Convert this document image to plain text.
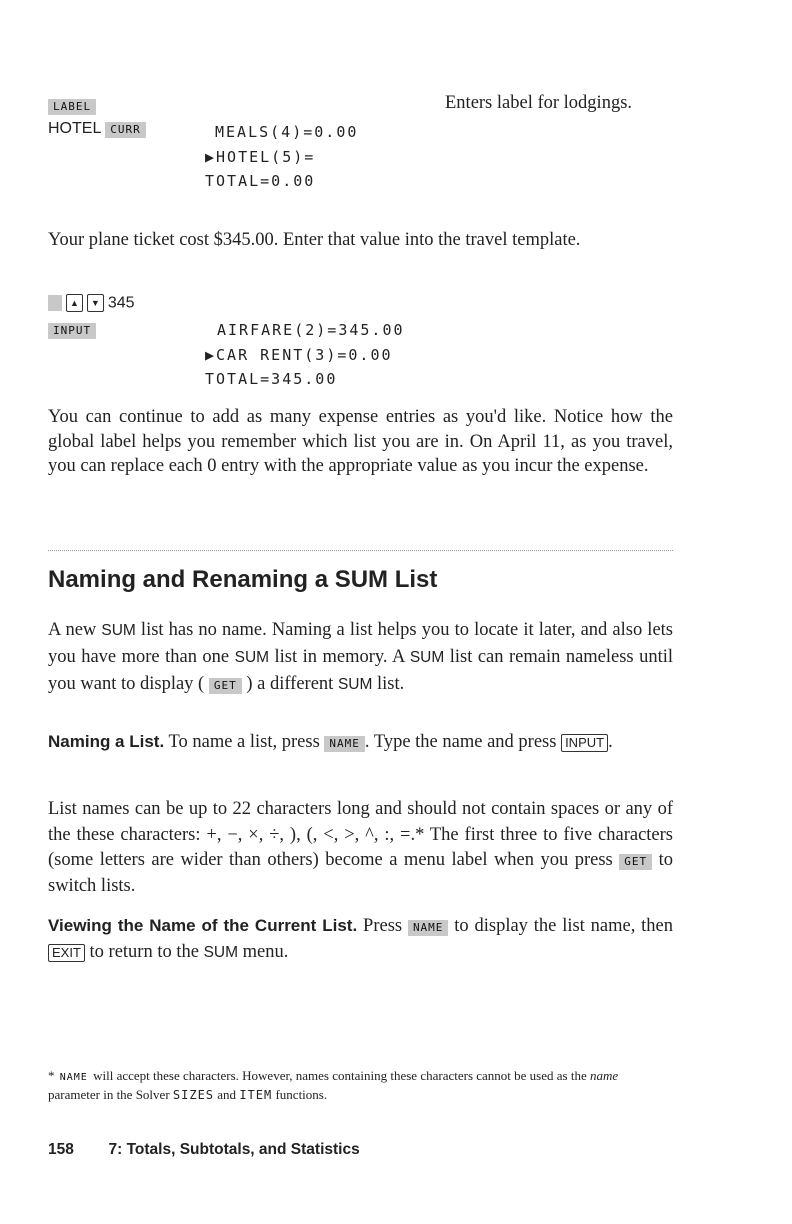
LABEL
HOTEL CURR
Enters label for lodgings.
MEALS(4)=0.00
▶HOTEL(5)=
TOTAL=0.00
Your plane ticket cost $345.00. Enter that value into the travel template.
▲ ▼ 345
INPUT	AIRFARE(2)=345.00
▶CAR RENT(3)=0.00
TOTAL=345.00
You can continue to add as many expense entries as you'd like. Notice how the global label helps you remember which list you are in. On April 11, as you travel, you can replace each 0 entry with the appropriate value as you incur the expense.
Naming and Renaming a SUM List
A new SUM list has no name. Naming a list helps you to locate it later, and also lets you have more than one SUM list in memory. A SUM list can remain nameless until you want to display ( GET ) a different SUM list.
Naming a List. To name a list, press NAME . Type the name and press INPUT .
List names can be up to 22 characters long and should not contain spaces or any of the these characters: +, −, ×, ÷, ), (, <, >, ^, :, =.* The first three to five characters (some letters are wider than others) become a menu label when you press GET to switch lists.
Viewing the Name of the Current List. Press NAME to display the list name, then EXIT to return to the SUM menu.
* NAME will accept these characters. However, names containing these characters cannot be used as the name parameter in the Solver SIZES and ITEM functions.
158 7: Totals, Subtotals, and Statistics
